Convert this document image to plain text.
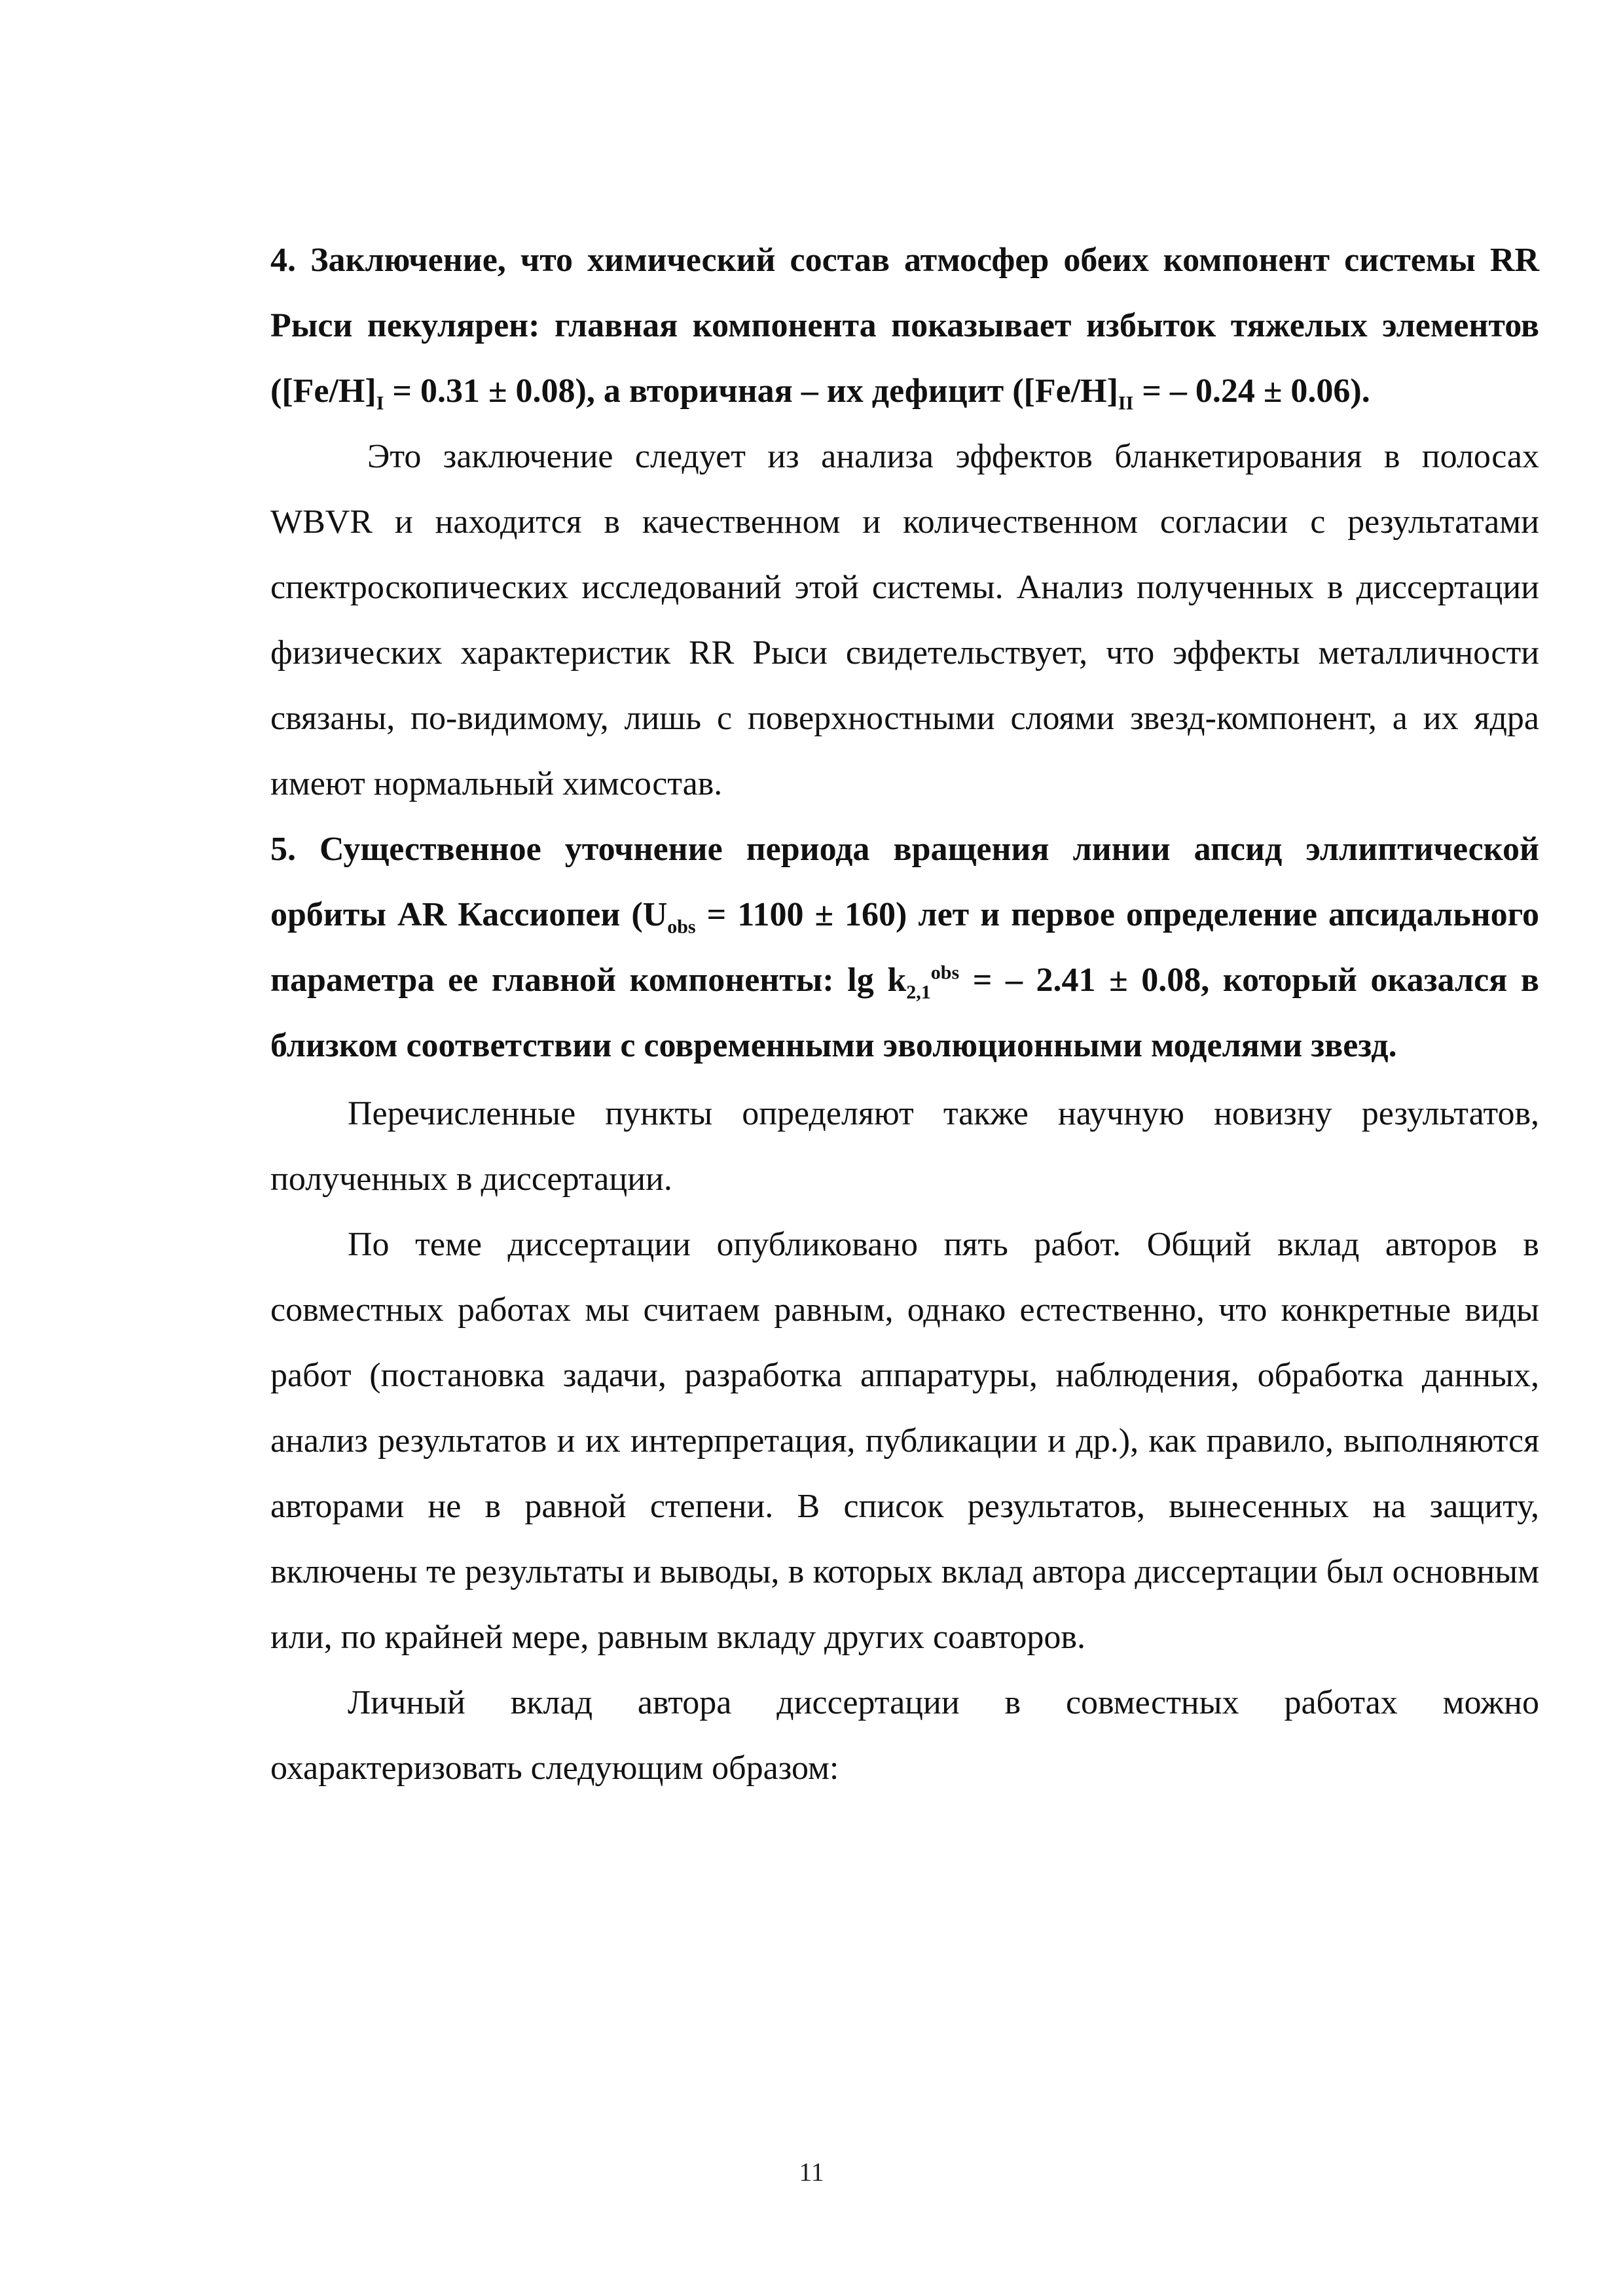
4. Заключение, что химический состав атмосфер обеих компонент системы RR Рыси пекулярен: главная компонента показывает избыток тяжелых элементов $([Fe/H]_I = 0.31 \pm 0.08)$, а вторичная – их дефицит ($[Fe/H]_{II}$ = – 0.24 ± 0.06).

Это заключение следует из анализа эффектов бланкетирования в полосах WBVR и находится в качественном и количественном согласии с результатами спектроскопических исследований этой системы. Анализ полученных в диссертации физических характеристик RR Рыси свидетельствует, что эффекты металличности связаны, по-видимому, лишь с поверхностными слоями звезд-компонент, а их ядра имеют нормальный химсостав.

5. Существенное уточнение периода вращения линии апсид эллиптической орбиты AR Кассиопеи $(U_{obs} = 1100 \pm 160)$ лет и первое определение апсидального параметра ее главной компоненты: $\lg k_{2,1}^{obs}$ = – 2.41 ± 0.08, который оказался в близком соответствии с современными эволюционными моделями звезд.

Перечисленные пункты определяют также научную новизну результатов, полученных в диссертации.

По теме диссертации опубликовано пять работ. Общий вклад авторов в совместных работах мы считаем равным, однако естественно, что конкретные виды работ (постановка задачи, разработка аппаратуры, наблюдения, обработка данных, анализ результатов и их интерпретация, публикации и др.), как правило, выполняются авторами не в равной степени. В список результатов, вынесенных на защиту, включены те результаты и выводы, в которых вклад автора диссертации был основным или, по крайней мере, равным вкладу других соавторов.

Личный вклад автора диссертации в совместных работах можно охарактеризовать следующим образом:

11
